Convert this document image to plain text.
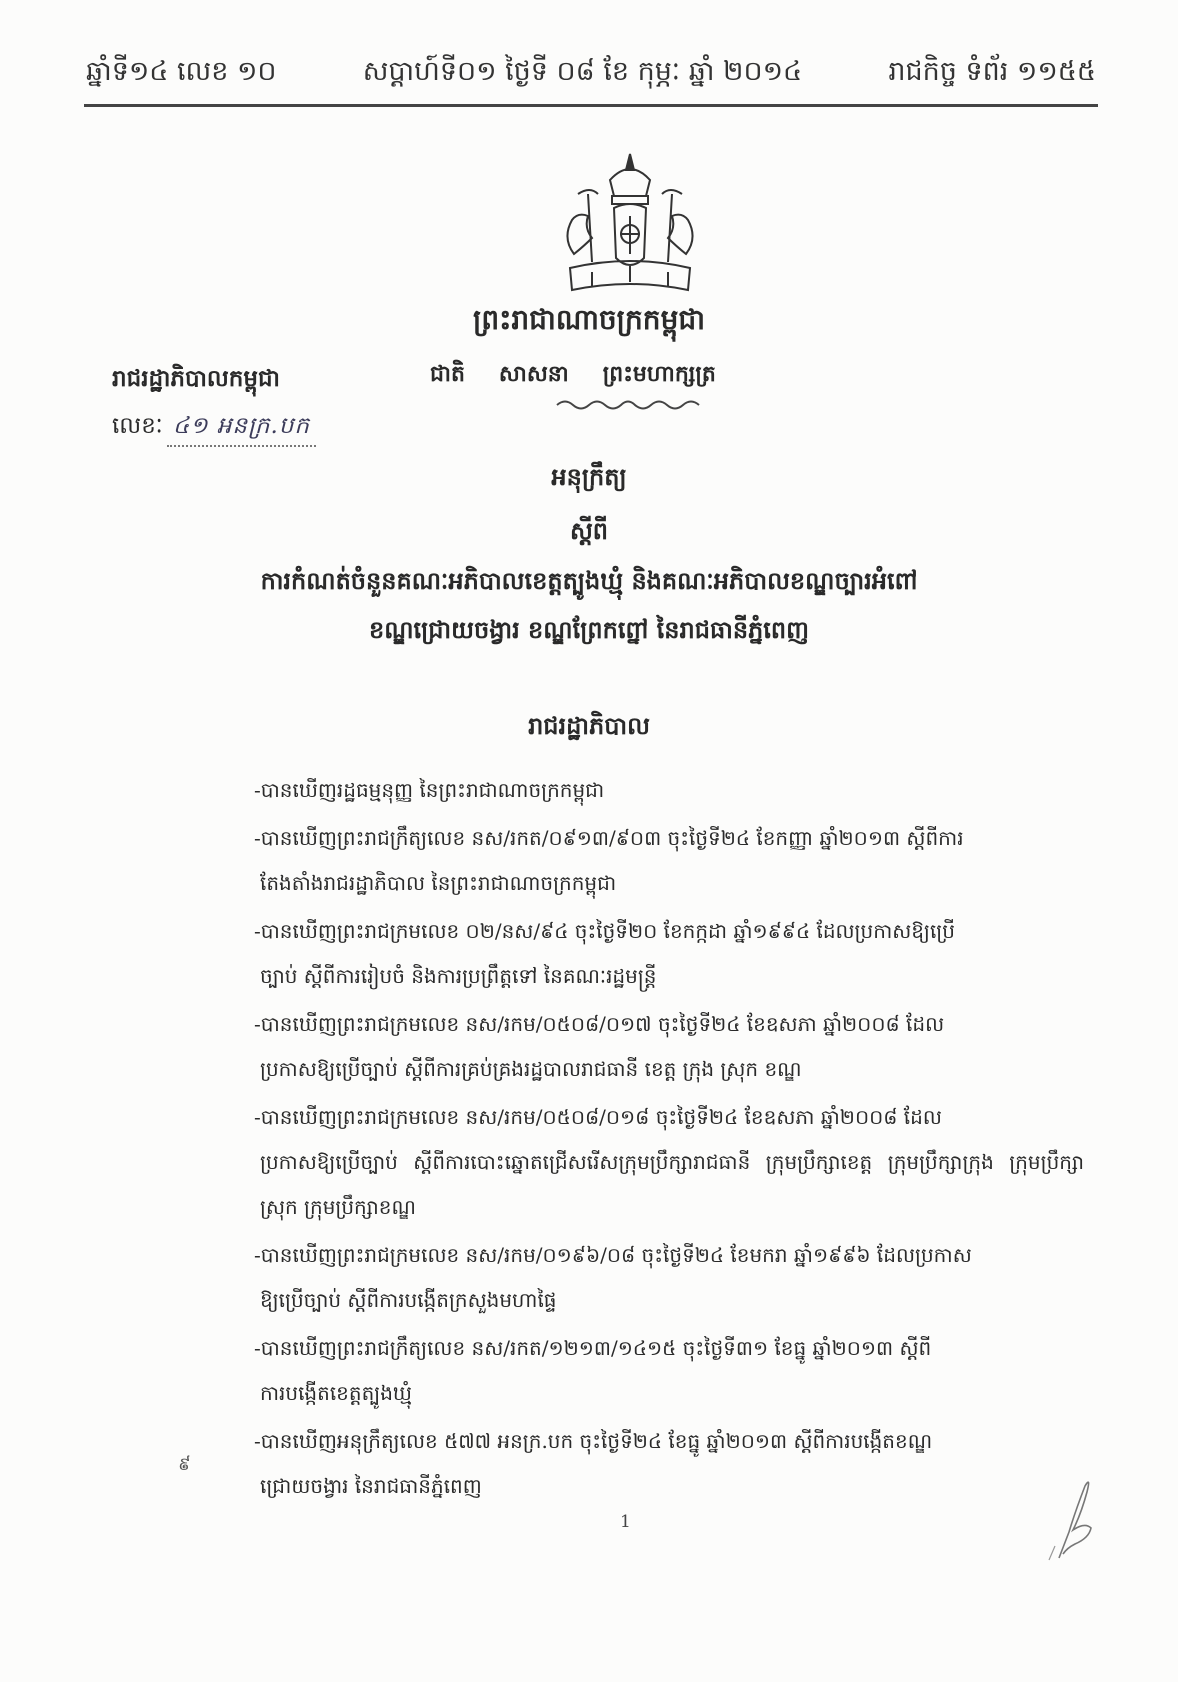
ឆ្នាំទី១៤ លេខ ១០	សប្តាហ៍ទី០១ ថ្ងៃទី ០៨ ខែ កុម្ភៈ ឆ្នាំ ២០១៤	រាជកិច្ច ទំព័រ ១១៥៥
ព្រះរាជាណាចក្រកម្ពុជា
ជាតិ សាសនា ព្រះមហាក្សត្រ
រាជរដ្ឋាភិបាលកម្ពុជា
លេខៈ ៤១ អនក្រ.បក
អនុក្រឹត្យ
ស្តីពី
ការកំណត់ចំនួនគណៈអភិបាលខេត្តត្បូងឃ្មុំ និងគណៈអភិបាលខណ្ឌច្បារអំពៅ
ខណ្ឌជ្រោយចង្វារ ខណ្ឌព្រែកព្នៅ នៃរាជធានីភ្នំពេញ
រាជរដ្ឋាភិបាល
-បានឃើញរដ្ឋធម្មនុញ្ញ នៃព្រះរាជាណាចក្រកម្ពុជា
-បានឃើញព្រះរាជក្រឹត្យលេខ នស/រកត/០៩១៣/៩០៣ ចុះថ្ងៃទី២៤ ខែកញ្ញា ឆ្នាំ២០១៣ ស្តីពីការ
តែងតាំងរាជរដ្ឋាភិបាល នៃព្រះរាជាណាចក្រកម្ពុជា
-បានឃើញព្រះរាជក្រមលេខ ០២/នស/៩៤ ចុះថ្ងៃទី២០ ខែកក្កដា ឆ្នាំ១៩៩៤ ដែលប្រកាសឱ្យប្រើ
ច្បាប់ ស្តីពីការរៀបចំ និងការប្រព្រឹត្តទៅ នៃគណៈរដ្ឋមន្ត្រី
-បានឃើញព្រះរាជក្រមលេខ នស/រកម/០៥០៨/០១៧ ចុះថ្ងៃទី២៤ ខែឧសភា ឆ្នាំ២០០៨ ដែល
ប្រកាសឱ្យប្រើច្បាប់ ស្តីពីការគ្រប់គ្រងរដ្ឋបាលរាជធានី ខេត្ត ក្រុង ស្រុក ខណ្ឌ
-បានឃើញព្រះរាជក្រមលេខ នស/រកម/០៥០៨/០១៨ ចុះថ្ងៃទី២៤ ខែឧសភា ឆ្នាំ២០០៨ ដែល
ប្រកាសឱ្យប្រើច្បាប់ ស្តីពីការបោះឆ្នោតជ្រើសរើសក្រុមប្រឹក្សារាជធានី ក្រុមប្រឹក្សាខេត្ត ក្រុមប្រឹក្សាក្រុង ក្រុមប្រឹក្សាស្រុក ក្រុមប្រឹក្សាខណ្ឌ
-បានឃើញព្រះរាជក្រមលេខ នស/រកម/០១៩៦/០៨ ចុះថ្ងៃទី២៤ ខែមករា ឆ្នាំ១៩៩៦ ដែលប្រកាស
ឱ្យប្រើច្បាប់ ស្តីពីការបង្កើតក្រសួងមហាផ្ទៃ
-បានឃើញព្រះរាជក្រឹត្យលេខ នស/រកត/១២១៣/១៤១៥ ចុះថ្ងៃទី៣១ ខែធ្នូ ឆ្នាំ២០១៣ ស្តីពី
ការបង្កើតខេត្តត្បូងឃ្មុំ
-បានឃើញអនុក្រឹត្យលេខ ៥៧៧ អនក្រ.បក ចុះថ្ងៃទី២៤ ខែធ្នូ ឆ្នាំ២០១៣ ស្តីពីការបង្កើតខណ្ឌ
ជ្រោយចង្វារ នៃរាជធានីភ្នំពេញ
៩
1
